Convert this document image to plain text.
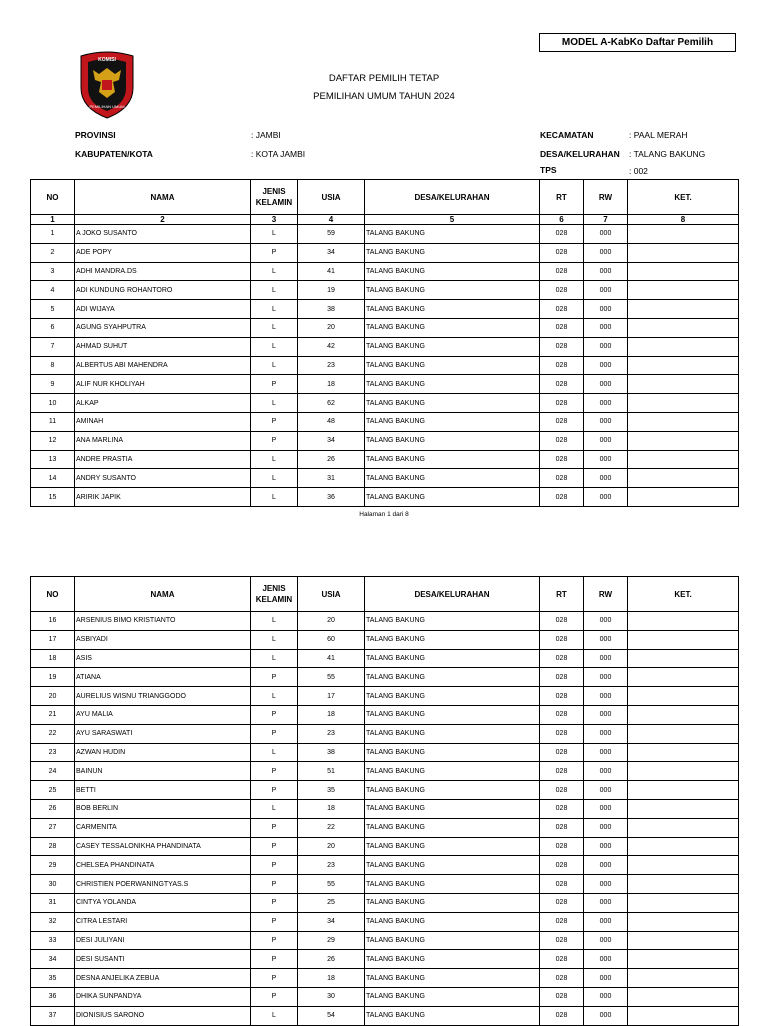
MODEL A-KabKo Daftar Pemilih
KOMISI
PEMILIHAN UMUM
DAFTAR PEMILIH TETAP
PEMILIHAN UMUM TAHUN 2024
PROVINSI	: JAMBI
KABUPATEN/KOTA	: KOTA JAMBI
KECAMATAN	: PAAL MERAH
DESA/KELURAHAN : TALANG BAKUNG
TPS	: 002
NO	NAMA	JENIS
KELAMIN	USIA	DESA/KELURAHAN	RT	RW	KET.
1	2	3	4	5	6	7	8
1	A JOKO SUSANTO	L	59	TALANG BAKUNG	028	000	
2	ADE POPY	P	34	TALANG BAKUNG	028	000	
3	ADHI MANDRA.DS	L	41	TALANG BAKUNG	028	000	
4	ADI KUNDUNG ROHANTORO	L	19	TALANG BAKUNG	028	000	
5	ADI WIJAYA	L	38	TALANG BAKUNG	028	000	
6	AGUNG SYAHPUTRA	L	20	TALANG BAKUNG	028	000	
7	AHMAD SUHUT	L	42	TALANG BAKUNG	028	000	
8	ALBERTUS ABI MAHENDRA	L	23	TALANG BAKUNG	028	000	
9	ALIF NUR KHOLIYAH	P	18	TALANG BAKUNG	028	000	
10	ALKAP	L	62	TALANG BAKUNG	028	000	
11	AMINAH	P	48	TALANG BAKUNG	028	000	
12	ANA MARLINA	P	34	TALANG BAKUNG	028	000	
13	ANDRE PRASTIA	L	26	TALANG BAKUNG	028	000	
14	ANDRY SUSANTO	L	31	TALANG BAKUNG	028	000	
15	ARIRIK JAPIK	L	36	TALANG BAKUNG	028	000	
Halaman 1 dari 8
NO	NAMA	JENIS
KELAMIN	USIA	DESA/KELURAHAN	RT	RW	KET.
16	ARSENIUS BIMO KRISTIANTO	L	20	TALANG BAKUNG	028	000	
17	ASBIYADI	L	60	TALANG BAKUNG	028	000	
18	ASIS	L	41	TALANG BAKUNG	028	000	
19	ATIANA	P	55	TALANG BAKUNG	028	000	
20	AURELIUS WISNU TRIANGGODO	L	17	TALANG BAKUNG	028	000	
21	AYU MALIA	P	18	TALANG BAKUNG	028	000	
22	AYU SARASWATI	P	23	TALANG BAKUNG	028	000	
23	AZWAN HUDIN	L	38	TALANG BAKUNG	028	000	
24	BAINUN	P	51	TALANG BAKUNG	028	000	
25	BETTI	P	35	TALANG BAKUNG	028	000	
26	BOB BERLIN	L	18	TALANG BAKUNG	028	000	
27	CARMENITA	P	22	TALANG BAKUNG	028	000	
28	CASEY TESSALONIKHA PHANDINATA	P	20	TALANG BAKUNG	028	000	
29	CHELSEA PHANDINATA	P	23	TALANG BAKUNG	028	000	
30	CHRISTIEN POERWANINGTYAS.S	P	55	TALANG BAKUNG	028	000	
31	CINTYA YOLANDA	P	25	TALANG BAKUNG	028	000	
32	CITRA LESTARI	P	34	TALANG BAKUNG	028	000	
33	DESI JULIYANI	P	29	TALANG BAKUNG	028	000	
34	DESI SUSANTI	P	26	TALANG BAKUNG	028	000	
35	DESNA ANJELIKA ZEBUA	P	18	TALANG BAKUNG	028	000	
36	DHIKA SUNPANDYA	P	30	TALANG BAKUNG	028	000	
37	DIONISIUS SARONO	L	54	TALANG BAKUNG	028	000	
